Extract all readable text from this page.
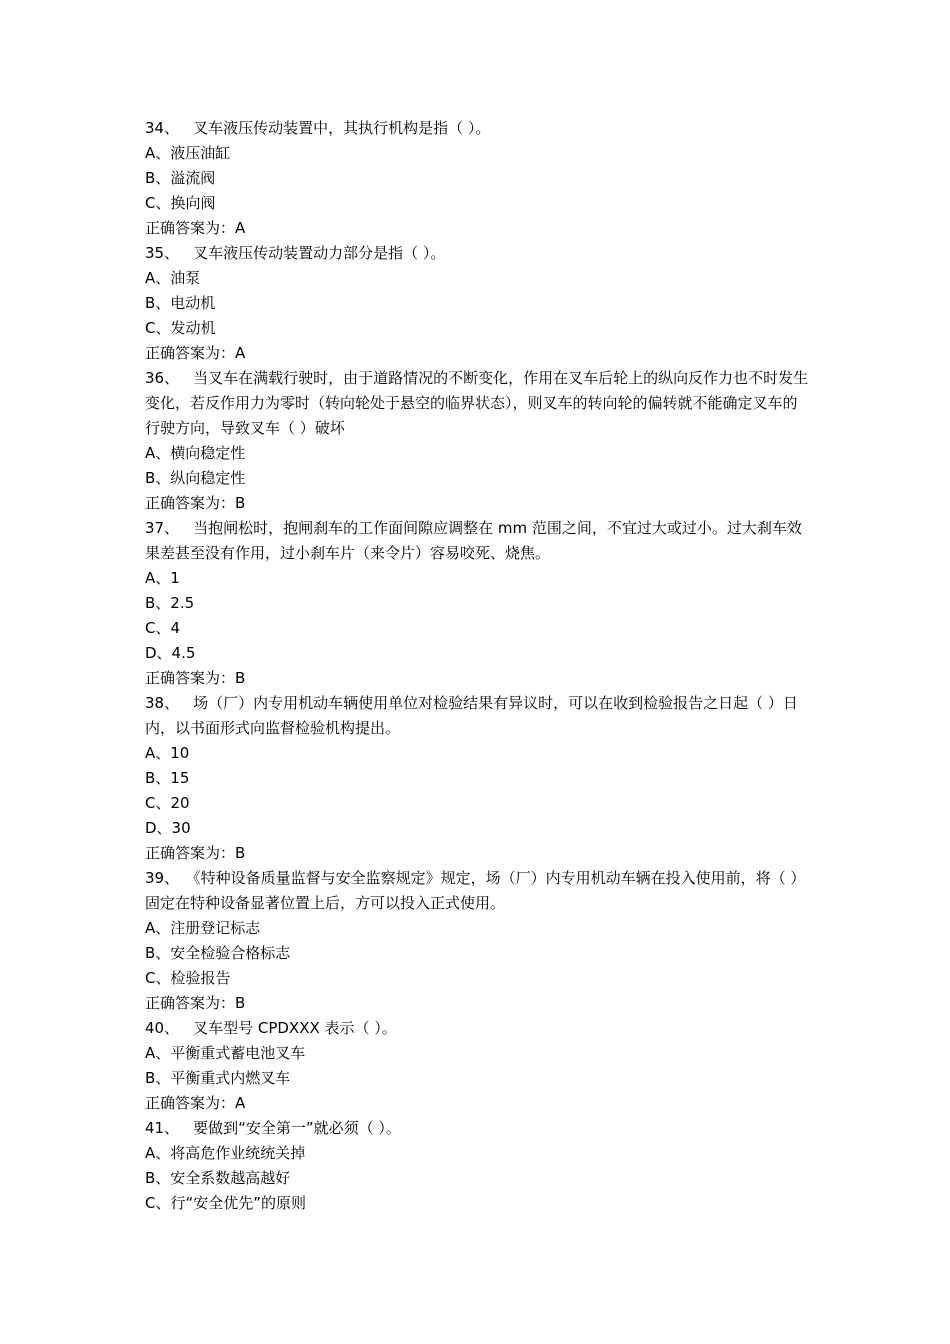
34、 叉车液压传动装置中，其执行机构是指（ ）。
A、液压油缸
B、溢流阀
C、换向阀
正确答案为：A
35、 叉车液压传动装置动力部分是指（ ）。
A、油泵
B、电动机
C、发动机
正确答案为：A
36、 当叉车在满载行驶时，由于道路情况的不断变化，作用在叉车后轮上的纵向反作力也不时发生变化，若反作用力为零时（转向轮处于悬空的临界状态），则叉车的转向轮的偏转就不能确定叉车的行驶方向，导致叉车（ ）破坏
A、横向稳定性
B、纵向稳定性
正确答案为：B
37、 当抱闸松时，抱闸刹车的工作面间隙应调整在 mm 范围之间，不宜过大或过小。过大刹车效果差甚至没有作用，过小刹车片（来令片）容易咬死、烧焦。
A、1
B、2.5
C、4
D、4.5
正确答案为：B
38、 场（厂）内专用机动车辆使用单位对检验结果有异议时，可以在收到检验报告之日起（ ）日内，以书面形式向监督检验机构提出。
A、10
B、15
C、20
D、30
正确答案为：B
39、 《特种设备质量监督与安全监察规定》规定，场（厂）内专用机动车辆在投入使用前，将（ ）固定在特种设备显著位置上后，方可以投入正式使用。
A、注册登记标志
B、安全检验合格标志
C、检验报告
正确答案为：B
40、 叉车型号 CPDXXX 表示（ ）。
A、平衡重式蓄电池叉车
B、平衡重式内燃叉车
正确答案为：A
41、 要做到“安全第一”就必须（ ）。
A、将高危作业统统关掉
B、安全系数越高越好
C、行“安全优先”的原则
